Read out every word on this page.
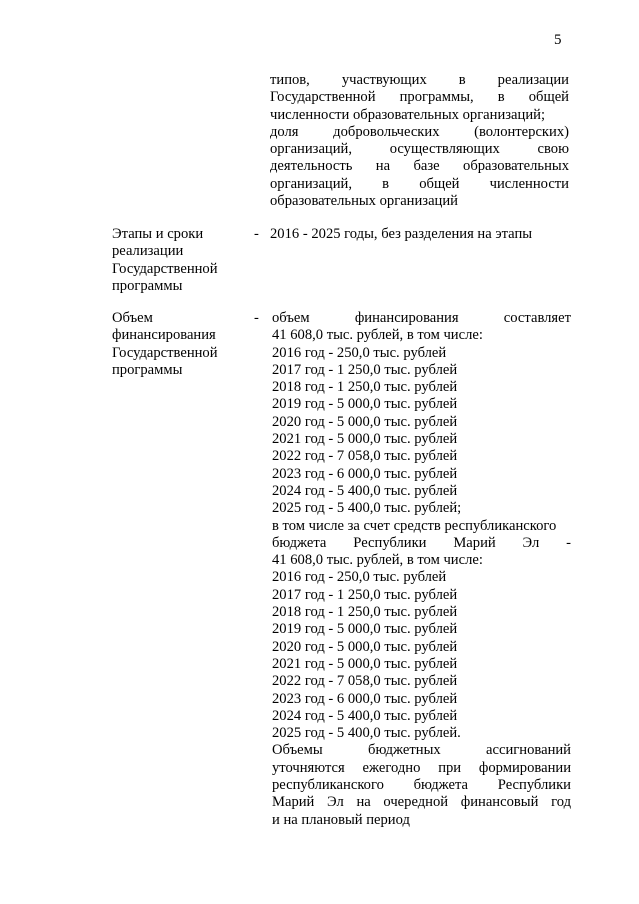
5
типов, участвующих в реализации
Государственной программы, в общей
численности образовательных организаций;
доля добровольческих (волонтерских)
организаций, осуществляющих свою
деятельность на базе образовательных
организаций, в общей численности
образовательных организаций
Этапы и сроки
реализации
Государственной
программы
- 2016 - 2025 годы, без разделения на этапы
Объем
финансирования
Государственной
программы
- объем финансирования составляет
41 608,0 тыс. рублей, в том числе:
2016 год - 250,0 тыс. рублей
2017 год - 1 250,0 тыс. рублей
2018 год - 1 250,0 тыс. рублей
2019 год - 5 000,0 тыс. рублей
2020 год - 5 000,0 тыс. рублей
2021 год - 5 000,0 тыс. рублей
2022 год - 7 058,0 тыс. рублей
2023 год - 6 000,0 тыс. рублей
2024 год - 5 400,0 тыс. рублей
2025 год - 5 400,0 тыс. рублей;
в том числе за счет средств республиканского
бюджета Республики Марий Эл -
41 608,0 тыс. рублей, в том числе:
2016 год - 250,0 тыс. рублей
2017 год - 1 250,0 тыс. рублей
2018 год - 1 250,0 тыс. рублей
2019 год - 5 000,0 тыс. рублей
2020 год - 5 000,0 тыс. рублей
2021 год - 5 000,0 тыс. рублей
2022 год - 7 058,0 тыс. рублей
2023 год - 6 000,0 тыс. рублей
2024 год - 5 400,0 тыс. рублей
2025 год - 5 400,0 тыс. рублей.
Объемы бюджетных ассигнований
уточняются ежегодно при формировании
республиканского бюджета Республики
Марий Эл на очередной финансовый год
и на плановый период
